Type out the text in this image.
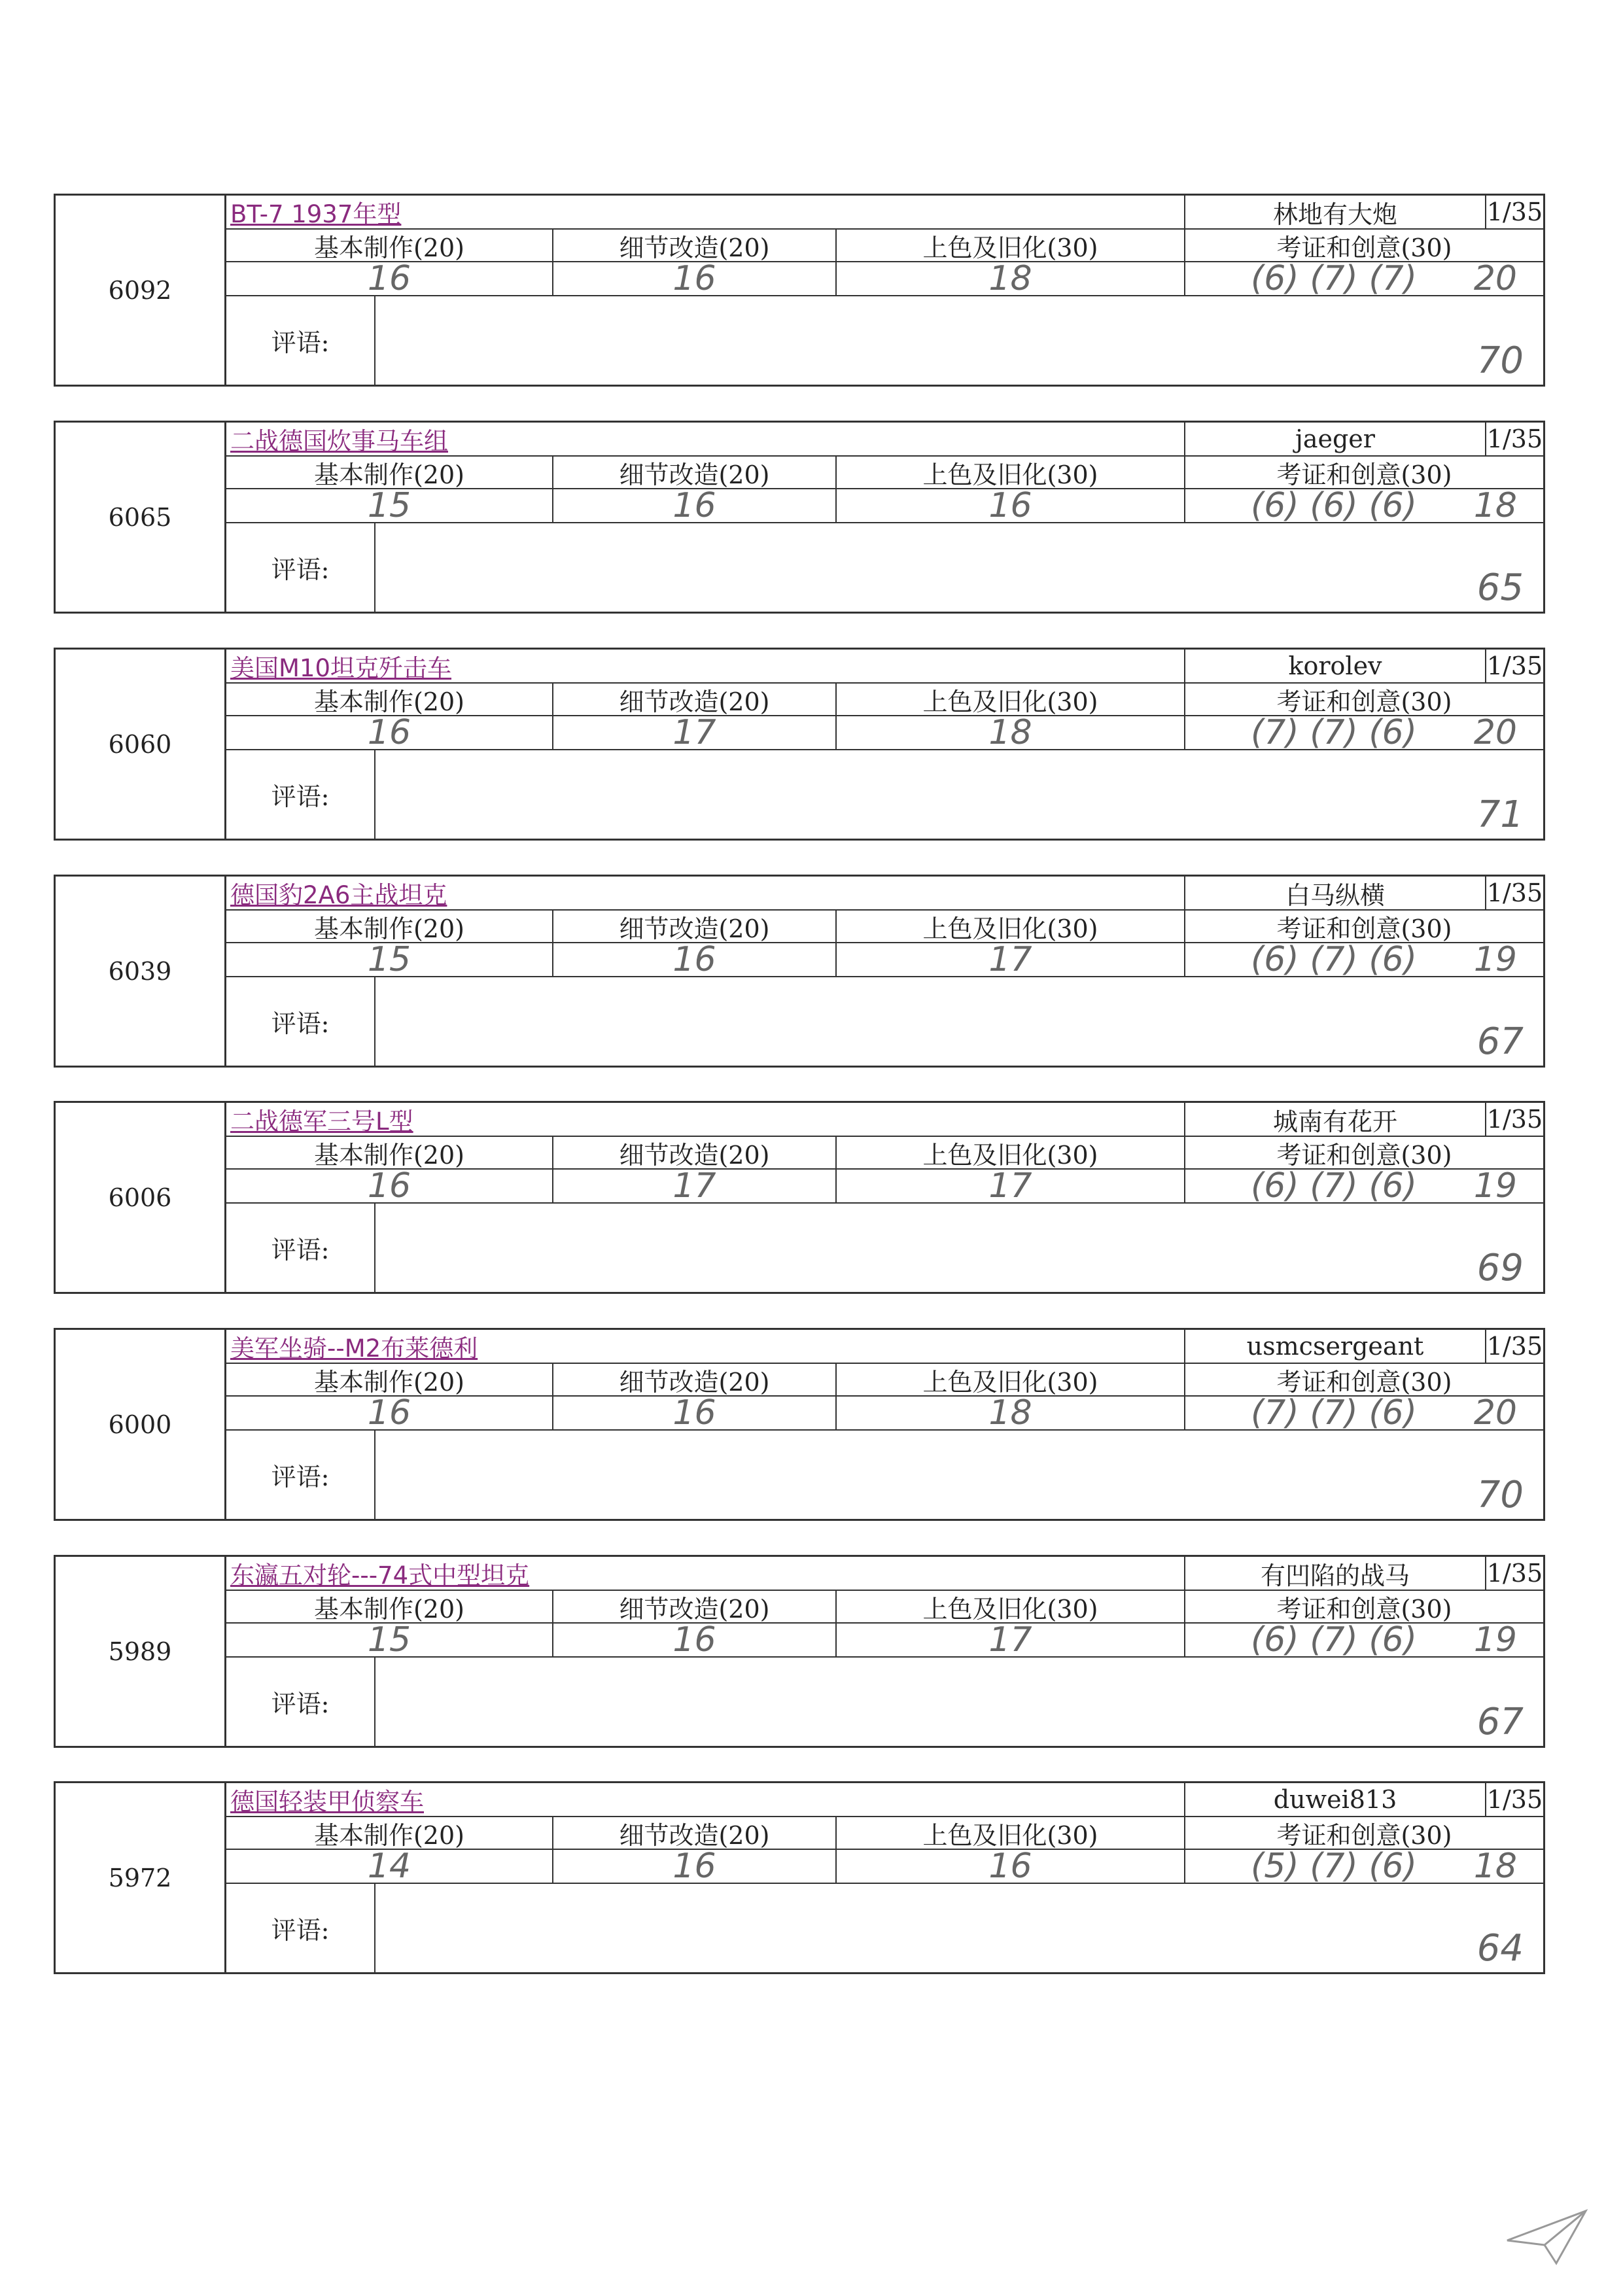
6092
BT-7 1937年型	林地有大炮	1/35
基本制作(20)	细节改造(20)	上色及旧化(30)	考证和创意(30)
16	16	18	(6) (7) (7) 20
评语:	70
6065
二战德国炊事马车组	jaeger	1/35
基本制作(20)	细节改造(20)	上色及旧化(30)	考证和创意(30)
15	16	16	(6) (6) (6) 18
评语:	65
6060
美国M10坦克歼击车	korolev	1/35
基本制作(20)	细节改造(20)	上色及旧化(30)	考证和创意(30)
16	17	18	(7) (7) (6) 20
评语:	71
6039
德国豹2A6主战坦克	白马纵横	1/35
基本制作(20)	细节改造(20)	上色及旧化(30)	考证和创意(30)
15	16	17	(6) (7) (6) 19
评语:	67
6006
二战德军三号L型	城南有花开	1/35
基本制作(20)	细节改造(20)	上色及旧化(30)	考证和创意(30)
16	17	17	(6) (7) (6) 19
评语:	69
6000
美军坐骑--M2布莱德利	usmcsergeant	1/35
基本制作(20)	细节改造(20)	上色及旧化(30)	考证和创意(30)
16	16	18	(7) (7) (6) 20
评语:	70
5989
东瀛五对轮---74式中型坦克	有凹陷的战马	1/35
基本制作(20)	细节改造(20)	上色及旧化(30)	考证和创意(30)
15	16	17	(6) (7) (6) 19
评语:	67
5972
德国轻装甲侦察车	duwei813	1/35
基本制作(20)	细节改造(20)	上色及旧化(30)	考证和创意(30)
14	16	16	(5) (7) (6) 18
评语:	64
